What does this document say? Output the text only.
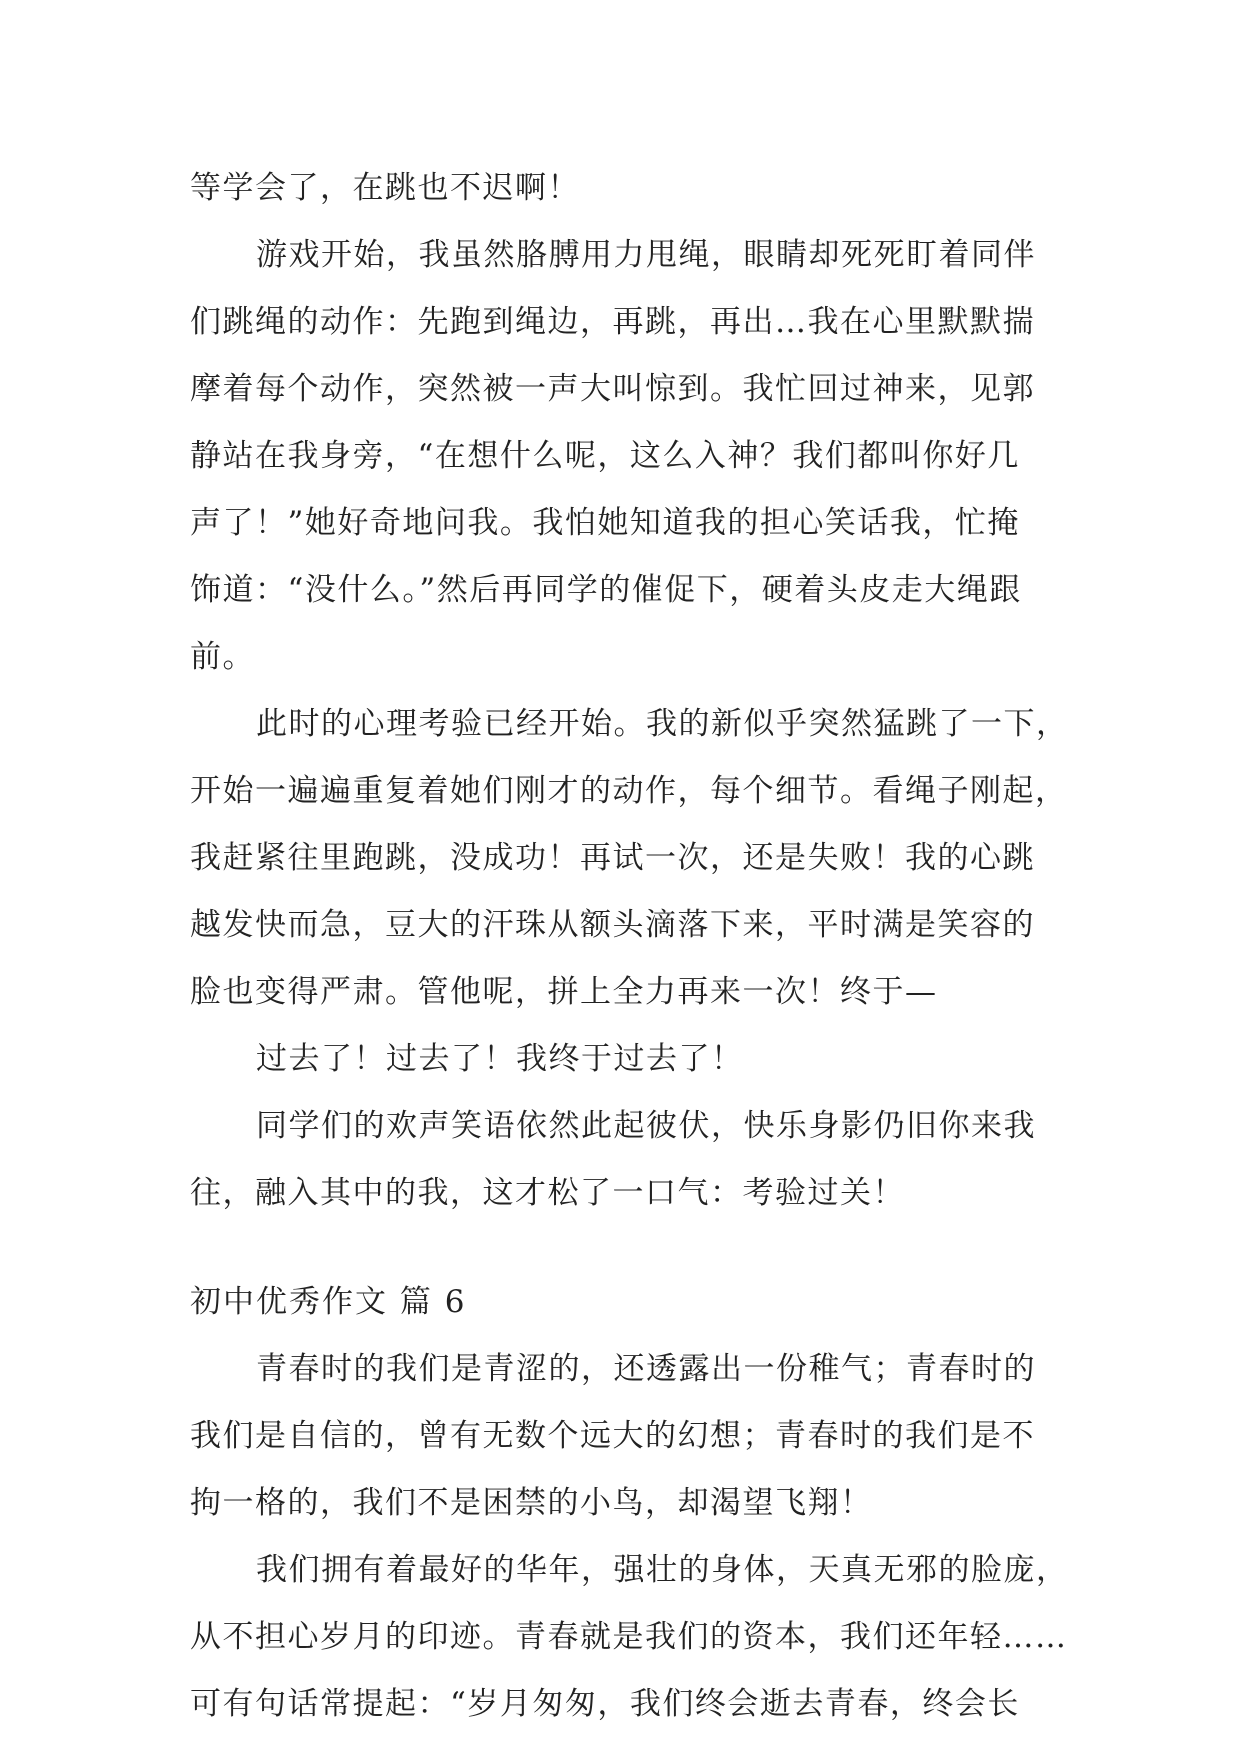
等学会了，在跳也不迟啊！
游戏开始，我虽然胳膊用力甩绳，眼睛却死死盯着同伴
们跳绳的动作：先跑到绳边，再跳，再出…我在心里默默揣
摩着每个动作，突然被一声大叫惊到。我忙回过神来，见郭
静站在我身旁，“在想什么呢，这么入神？我们都叫你好几
声了！”她好奇地问我。我怕她知道我的担心笑话我，忙掩
饰道：“没什么。”然后再同学的催促下，硬着头皮走大绳跟
前。
此时的心理考验已经开始。我的新似乎突然猛跳了一下，
开始一遍遍重复着她们刚才的动作，每个细节。看绳子刚起，
我赶紧往里跑跳，没成功！再试一次，还是失败！我的心跳
越发快而急，豆大的汗珠从额头滴落下来，平时满是笑容的
脸也变得严肃。管他呢，拼上全力再来一次！终于—
过去了！过去了！我终于过去了！
同学们的欢声笑语依然此起彼伏，快乐身影仍旧你来我
往，融入其中的我，这才松了一口气：考验过关！
初中优秀作文 篇 6
青春时的我们是青涩的，还透露出一份稚气；青春时的
我们是自信的，曾有无数个远大的幻想；青春时的我们是不
拘一格的，我们不是困禁的小鸟，却渴望飞翔！
我们拥有着最好的华年，强壮的身体，天真无邪的脸庞，
从不担心岁月的印迹。青春就是我们的资本，我们还年轻……
可有句话常提起：“岁月匆匆，我们终会逝去青春，终会长
